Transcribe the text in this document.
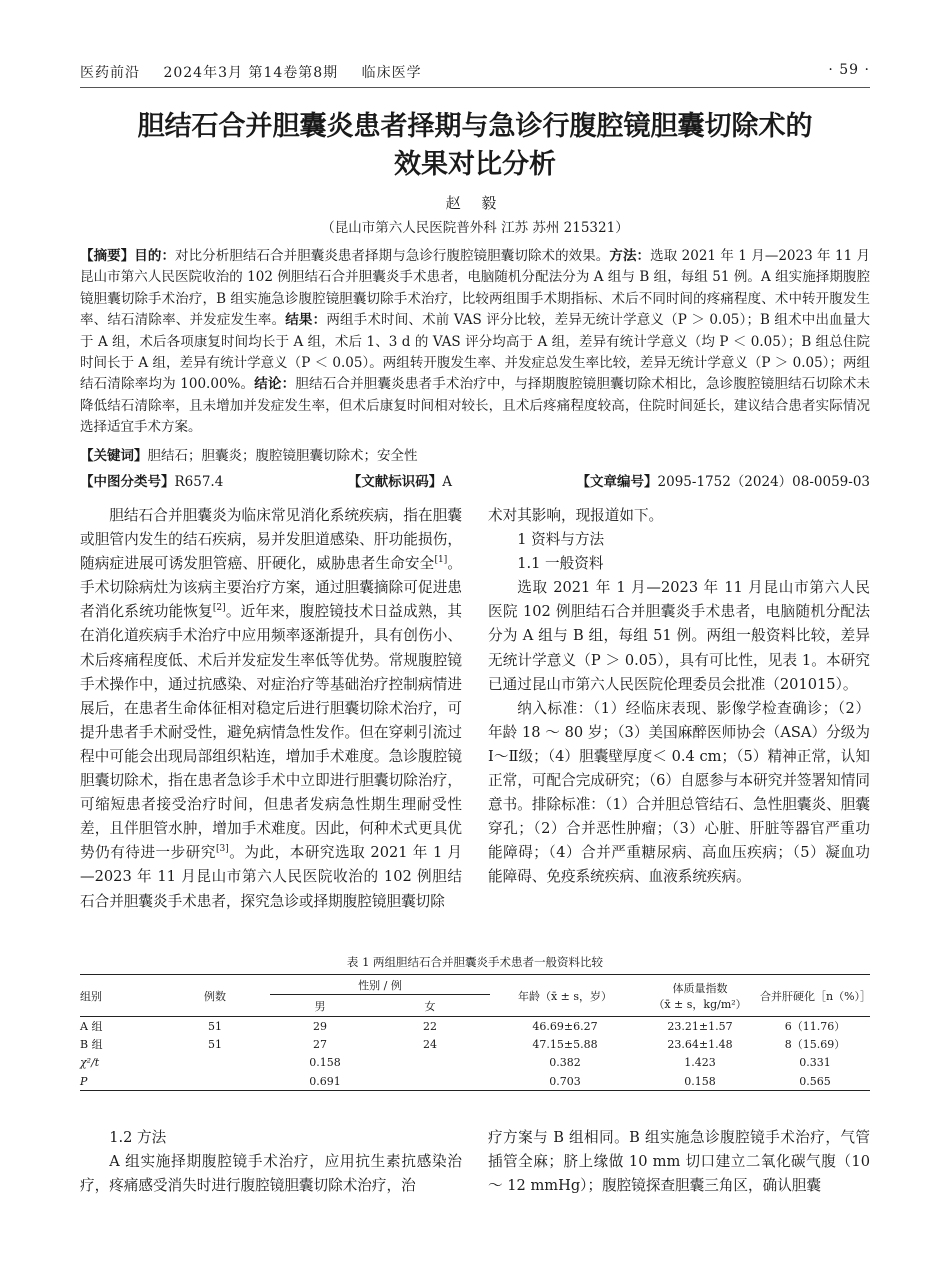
医药前沿 2024年3月 第14卷第8期 临床医学	· 59 ·
胆结石合并胆囊炎患者择期与急诊行腹腔镜胆囊切除术的
效果对比分析
赵 毅
（昆山市第六人民医院普外科 江苏 苏州 215321）
【摘要】目的：对比分析胆结石合并胆囊炎患者择期与急诊行腹腔镜胆囊切除术的效果。方法：选取 2021 年 1 月—2023 年 11 月昆山市第六人民医院收治的 102 例胆结石合并胆囊炎手术患者，电脑随机分配法分为 A 组与 B 组，每组 51 例。A 组实施择期腹腔镜胆囊切除手术治疗，B 组实施急诊腹腔镜胆囊切除手术治疗，比较两组围手术期指标、术后不同时间的疼痛程度、术中转开腹发生率、结石清除率、并发症发生率。结果：两组手术时间、术前 VAS 评分比较，差异无统计学意义（P ＞ 0.05）；B 组术中出血量大于 A 组，术后各项康复时间均长于 A 组，术后 1、3 d 的 VAS 评分均高于 A 组，差异有统计学意义（均 P ＜ 0.05）；B 组总住院时间长于 A 组，差异有统计学意义（P ＜ 0.05）。两组转开腹发生率、并发症总发生率比较，差异无统计学意义（P ＞ 0.05）；两组结石清除率均为 100.00%。结论：胆结石合并胆囊炎患者手术治疗中，与择期腹腔镜胆囊切除术相比，急诊腹腔镜胆结石切除术未降低结石清除率，且未增加并发症发生率，但术后康复时间相对较长，且术后疼痛程度较高，住院时间延长，建议结合患者实际情况选择适宜手术方案。
【关键词】胆结石；胆囊炎；腹腔镜胆囊切除术；安全性
【中图分类号】R657.4	【文献标识码】A	【文章编号】2095-1752（2024）08-0059-03

胆结石合并胆囊炎为临床常见消化系统疾病，指在胆囊或胆管内发生的结石疾病，易并发胆道感染、肝功能损伤，随病症进展可诱发胆管癌、肝硬化，威胁患者生命安全[1]。手术切除病灶为该病主要治疗方案，通过胆囊摘除可促进患者消化系统功能恢复[2]。近年来，腹腔镜技术日益成熟，其在消化道疾病手术治疗中应用频率逐渐提升，具有创伤小、术后疼痛程度低、术后并发症发生率低等优势。常规腹腔镜手术操作中，通过抗感染、对症治疗等基础治疗控制病情进展后，在患者生命体征相对稳定后进行胆囊切除术治疗，可提升患者手术耐受性，避免病情急性发作。但在穿刺引流过程中可能会出现局部组织粘连，增加手术难度。急诊腹腔镜胆囊切除术，指在患者急诊手术中立即进行胆囊切除治疗，可缩短患者接受治疗时间，但患者发病急性期生理耐受性差，且伴胆管水肿，增加手术难度。因此，何种术式更具优势仍有待进一步研究[3]。为此，本研究选取 2021 年 1 月—2023 年 11 月昆山市第六人民医院收治的 102 例胆结石合并胆囊炎手术患者，探究急诊或择期腹腔镜胆囊切除

术对其影响，现报道如下。

1 资料与方法

1.1 一般资料

选取 2021 年 1 月—2023 年 11 月昆山市第六人民医院 102 例胆结石合并胆囊炎手术患者，电脑随机分配法分为 A 组与 B 组，每组 51 例。两组一般资料比较，差异无统计学意义（P ＞ 0.05），具有可比性，见表 1。本研究已通过昆山市第六人民医院伦理委员会批准（201015）。

纳入标准：（1）经临床表现、影像学检查确诊；（2）年龄 18 ～ 80 岁；（3）美国麻醉医师协会（ASA）分级为Ⅰ～Ⅱ级；（4）胆囊壁厚度＜ 0.4 cm；（5）精神正常，认知正常，可配合完成研究；（6）自愿参与本研究并签署知情同意书。排除标准：（1）合并胆总管结石、急性胆囊炎、胆囊穿孔；（2）合并恶性肿瘤；（3）心脏、肝脏等器官严重功能障碍；（4）合并严重糖尿病、高血压疾病；（5）凝血功能障碍、免疫系统疾病、血液系统疾病。

表 1 两组胆结石合并胆囊炎手术患者一般资料比较
组别	例数	性别 / 例		年龄（x̄ ± s，岁）	体质量指数
（x̄ ± s，kg/m²）	合并肝硬化［n（%）］
		男	女			
A 组	51	29	22	46.69±6.27	23.21±1.57	6（11.76）
B 组	51	27	24	47.15±5.88	23.64±1.48	8（15.69）
χ²/t	0.158			0.382	1.423	0.331
P	0.691			0.703	0.158	0.565

1.2 方法

A 组实施择期腹腔镜手术治疗，应用抗生素抗感染治疗，疼痛感受消失时进行腹腔镜胆囊切除术治疗，治

疗方案与 B 组相同。B 组实施急诊腹腔镜手术治疗，气管插管全麻；脐上缘做 10 mm 切口建立二氧化碳气腹（10 ～ 12 mmHg）；腹腔镜探查胆囊三角区，确认胆囊
